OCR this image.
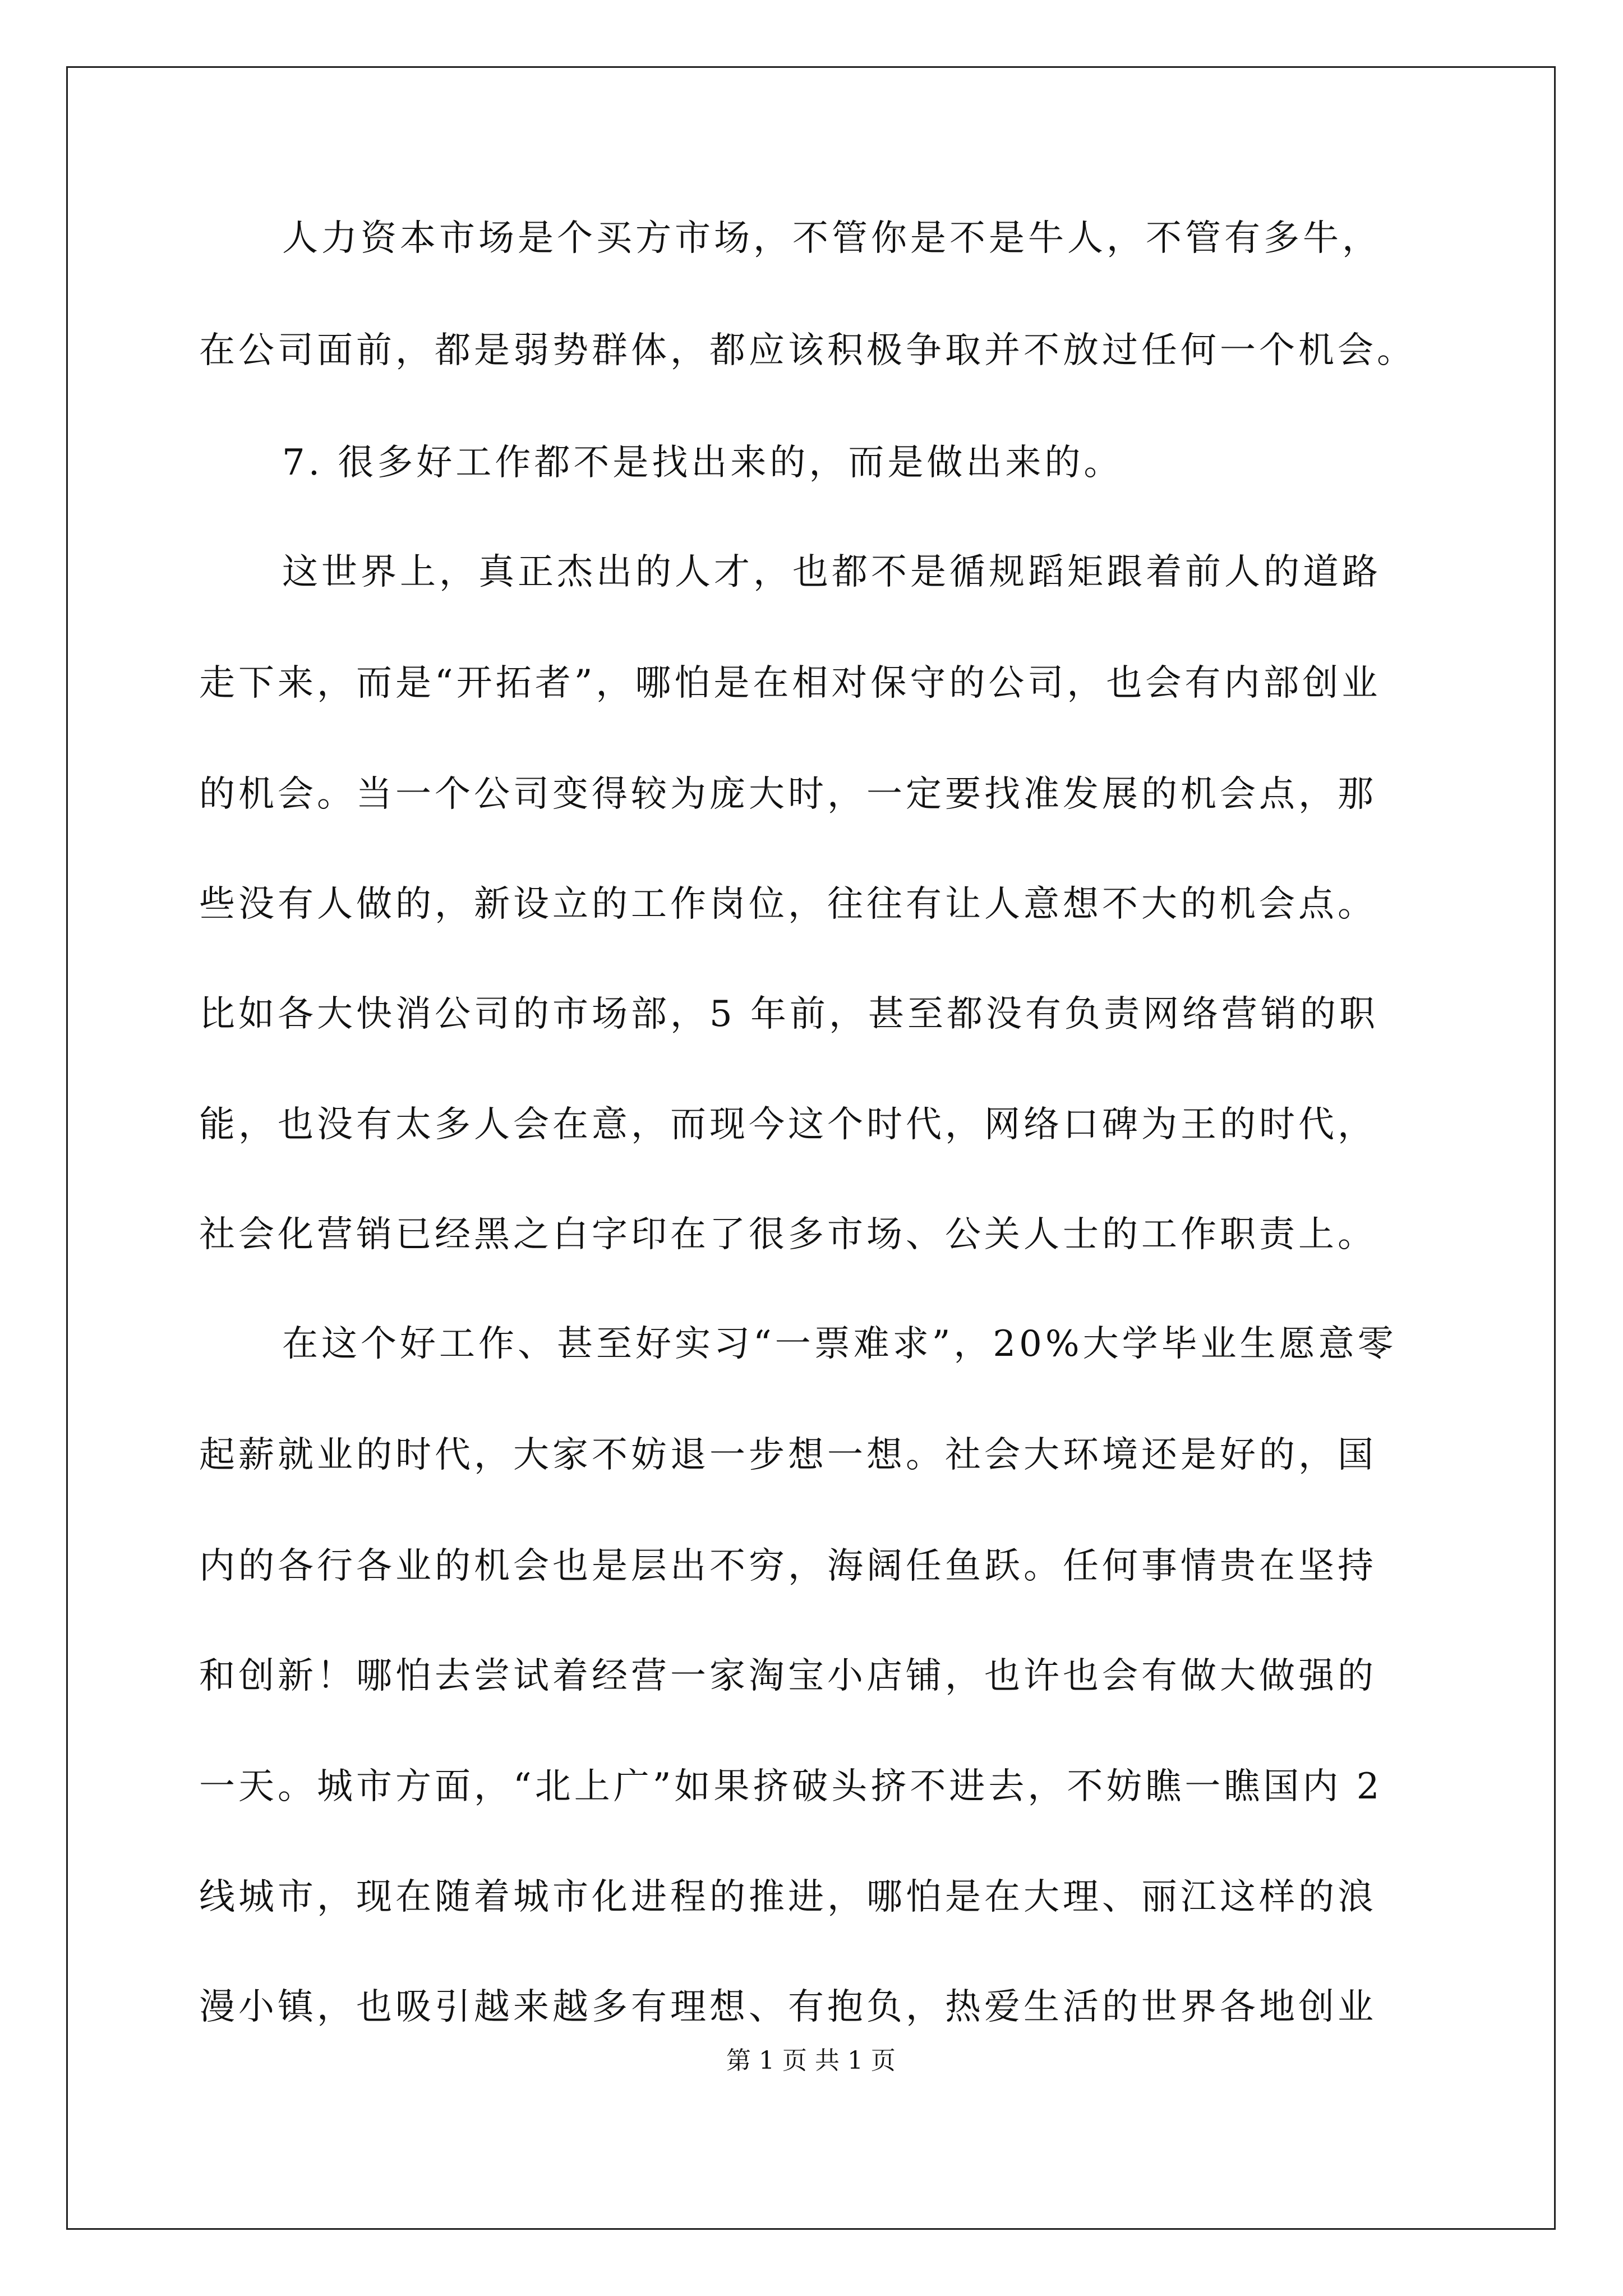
人力资本市场是个买方市场，不管你是不是牛人，不管有多牛，
在公司面前，都是弱势群体，都应该积极争取并不放过任何一个机会。
7. 很多好工作都不是找出来的，而是做出来的。
这世界上，真正杰出的人才，也都不是循规蹈矩跟着前人的道路
走下来，而是“开拓者”，哪怕是在相对保守的公司，也会有内部创业
的机会。当一个公司变得较为庞大时，一定要找准发展的机会点，那
些没有人做的，新设立的工作岗位，往往有让人意想不大的机会点。
比如各大快消公司的市场部，5 年前，甚至都没有负责网络营销的职
能，也没有太多人会在意，而现今这个时代，网络口碑为王的时代，
社会化营销已经黑之白字印在了很多市场、公关人士的工作职责上。
在这个好工作、甚至好实习“一票难求”，20%大学毕业生愿意零
起薪就业的时代，大家不妨退一步想一想。社会大环境还是好的，国
内的各行各业的机会也是层出不穷，海阔任鱼跃。任何事情贵在坚持
和创新！哪怕去尝试着经营一家淘宝小店铺，也许也会有做大做强的
一天。城市方面，“北上广”如果挤破头挤不进去，不妨瞧一瞧国内 2
线城市，现在随着城市化进程的推进，哪怕是在大理、丽江这样的浪
漫小镇，也吸引越来越多有理想、有抱负，热爱生活的世界各地创业
第 1 页 共 1 页
